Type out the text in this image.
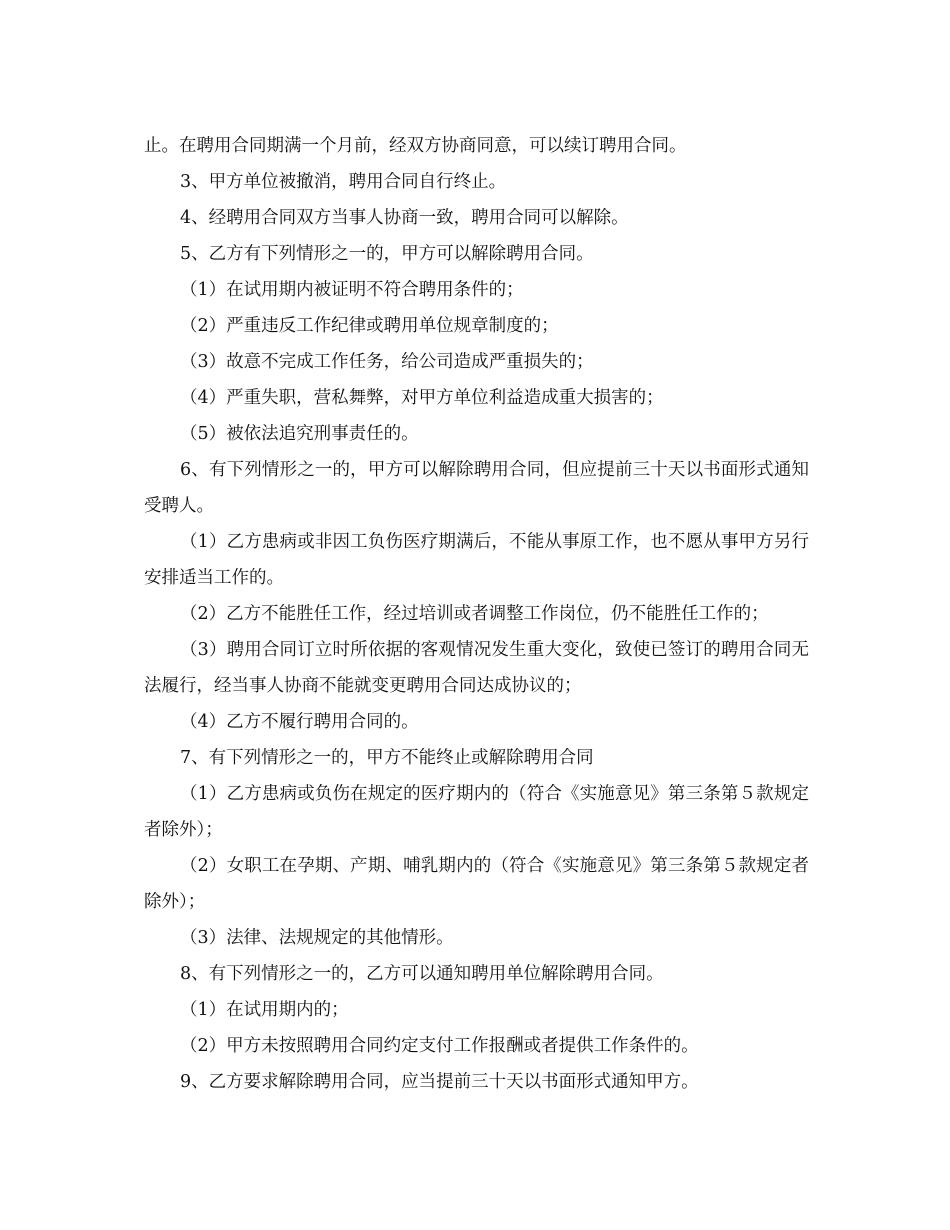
止。在聘用合同期满一个月前，经双方协商同意，可以续订聘用合同。

3、甲方单位被撤消，聘用合同自行终止。

4、经聘用合同双方当事人协商一致，聘用合同可以解除。

5、乙方有下列情形之一的，甲方可以解除聘用合同。

（1）在试用期内被证明不符合聘用条件的；

（2）严重违反工作纪律或聘用单位规章制度的；

（3）故意不完成工作任务，给公司造成严重损失的；

（4）严重失职，营私舞弊，对甲方单位利益造成重大损害的；

（5）被依法追究刑事责任的。

6、有下列情形之一的，甲方可以解除聘用合同，但应提前三十天以书面形式通知受聘人。

（1）乙方患病或非因工负伤医疗期满后，不能从事原工作，也不愿从事甲方另行安排适当工作的。

（2）乙方不能胜任工作，经过培训或者调整工作岗位，仍不能胜任工作的；

（3）聘用合同订立时所依据的客观情况发生重大变化，致使已签订的聘用合同无法履行，经当事人协商不能就变更聘用合同达成协议的；

（4）乙方不履行聘用合同的。

7、有下列情形之一的，甲方不能终止或解除聘用合同

（1）乙方患病或负伤在规定的医疗期内的（符合《实施意见》第三条第５款规定者除外）；

（2）女职工在孕期、产期、哺乳期内的（符合《实施意见》第三条第５款规定者除外）；

（3）法律、法规规定的其他情形。

8、有下列情形之一的，乙方可以通知聘用单位解除聘用合同。

（1）在试用期内的；

（2）甲方未按照聘用合同约定支付工作报酬或者提供工作条件的。

9、乙方要求解除聘用合同，应当提前三十天以书面形式通知甲方。
